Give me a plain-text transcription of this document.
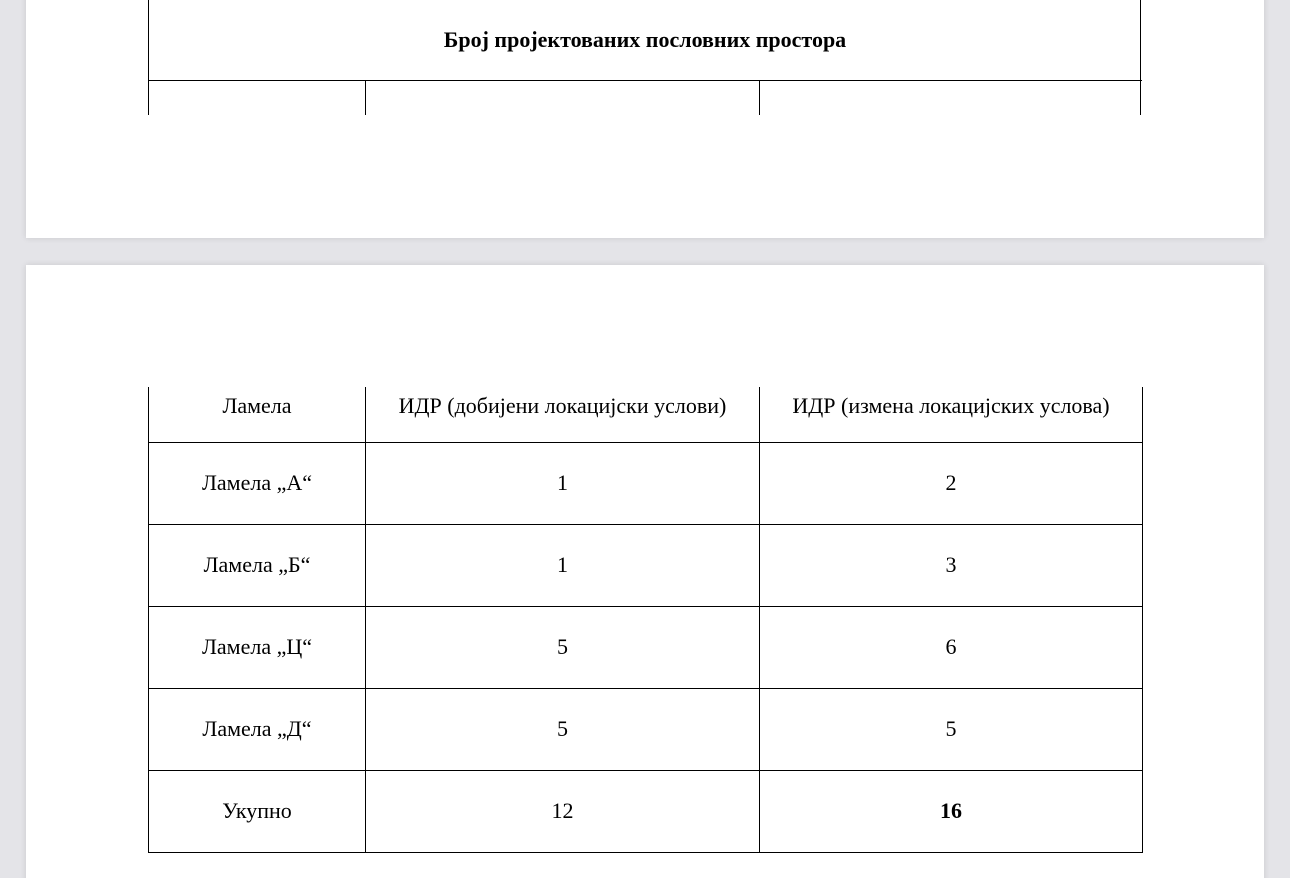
Број пројектованих пословних простора
Ламела	ИДР (добијени локацијски услови)	ИДР (измена локацијских услова)
Ламела „А“	1	2
Ламела „Б“	1	3
Ламела „Ц“	5	6
Ламела „Д“	5	5
Укупно	12	16
